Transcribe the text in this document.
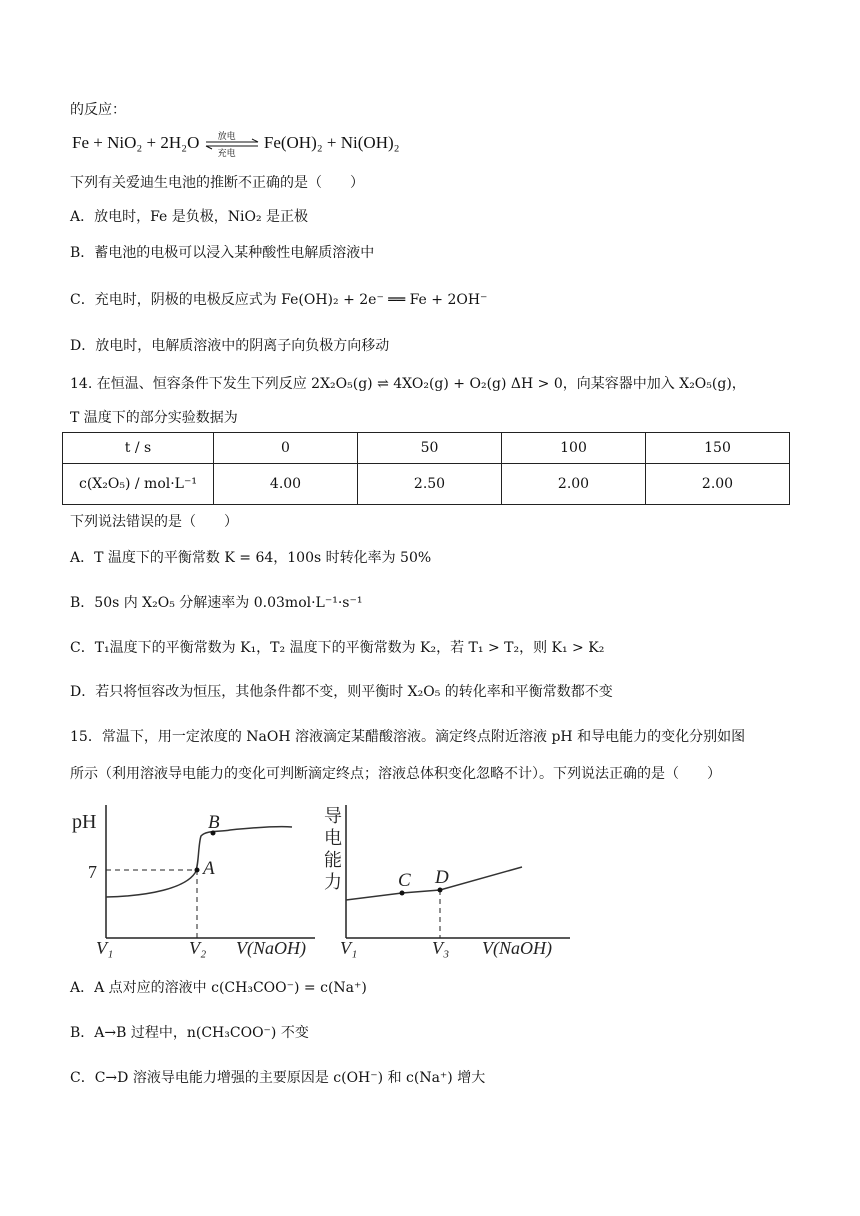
的反应：
Fe + NiO₂ + 2H₂O 放电
充电
Fe(OH)₂ + Ni(OH)₂
下列有关爱迪生电池的推断不正确的是（　　）
A．放电时，Fe 是负极，NiO₂ 是正极
B．蓄电池的电极可以浸入某种酸性电解质溶液中
C．充电时，阴极的电极反应式为 Fe(OH)₂ + 2e⁻ ══ Fe + 2OH⁻
D．放电时，电解质溶液中的阴离子向负极方向移动
14. 在恒温、恒容条件下发生下列反应 2X₂O₅(g) ⇌ 4XO₂(g) + O₂(g) ΔH > 0，向某容器中加入 X₂O₅(g)，
T 温度下的部分实验数据为
t / s	0	50	100	150
c(X₂O₅) / mol·L⁻¹	4.00	2.50	2.00	2.00
下列说法错误的是（　　）
A．T 温度下的平衡常数 K = 64，100s 时转化率为 50%
B．50s 内 X₂O₅ 分解速率为 0.03mol·L⁻¹·s⁻¹
C．T₁温度下的平衡常数为 K₁，T₂ 温度下的平衡常数为 K₂，若 T₁ > T₂，则 K₁ > K₂
D．若只将恒容改为恒压，其他条件都不变，则平衡时 X₂O₅ 的转化率和平衡常数都不变
15．常温下，用一定浓度的 NaOH 溶液滴定某醋酸溶液。滴定终点附近溶液 pH 和导电能力的变化分别如图
所示（利用溶液导电能力的变化可判断滴定终点；溶液总体积变化忽略不计）。下列说法正确的是（　　）
pH
7	A
B
V₁	V₂ V(NaOH)
导
电
能
力	C D
V₁	V₃ V(NaOH)
A．A 点对应的溶液中 c(CH₃COO⁻) = c(Na⁺)
B．A→B 过程中，n(CH₃COO⁻) 不变
C．C→D 溶液导电能力增强的主要原因是 c(OH⁻) 和 c(Na⁺) 增大
